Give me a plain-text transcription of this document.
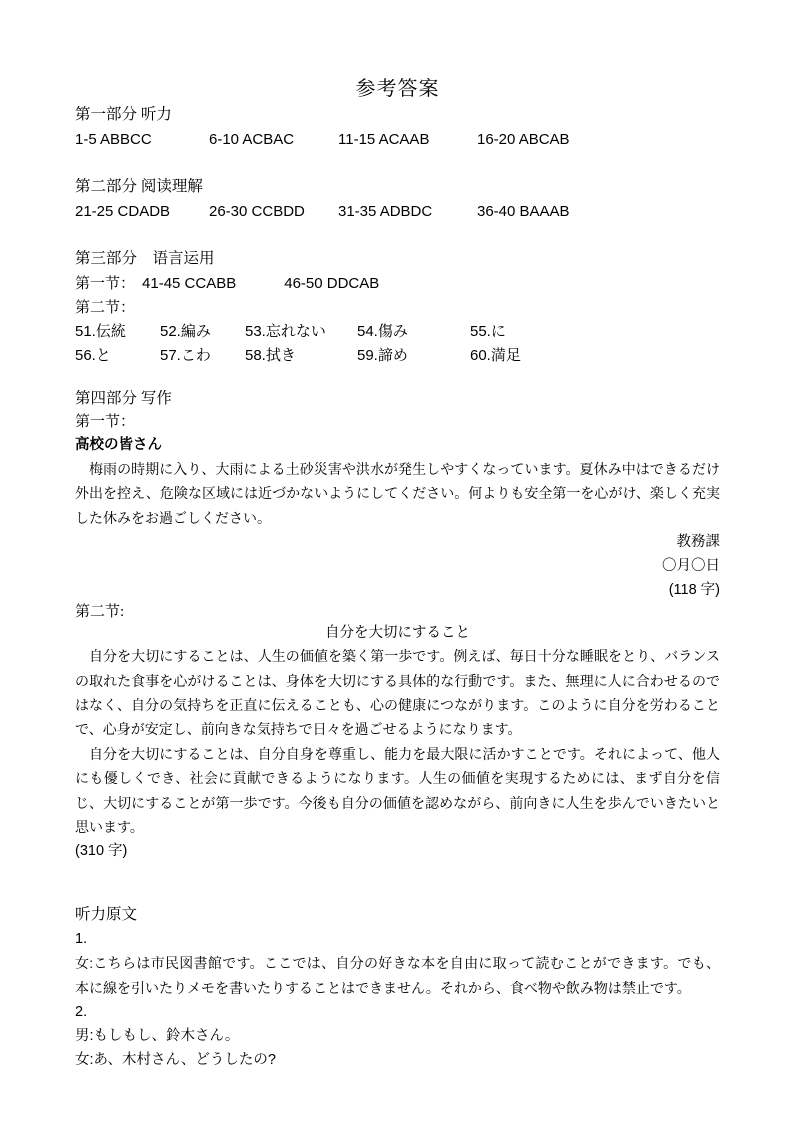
参考答案
第一部分 听力
1-5 ABBCC	6-10 ACBAC	11-15 ACAAB	16-20 ABCAB
第二部分 阅读理解
21-25 CDADB	26-30 CCBDD	31-35 ADBDC	36-40 BAAAB
第三部分　语言运用
第一节： 41-45 CCABB	46-50 DDCAB
第二节：
51.伝統	52.編み	53.忘れない	54.傷み	55.に
56.と	57.こわ	58.拭き	59.諦め	60.満足
第四部分 写作
第一节：
高校の皆さん
梅雨の時期に入り、大雨による土砂災害や洪水が発生しやすくなっています。夏休み中はできるだけ外出を控え、危険な区域には近づかないようにしてください。何よりも安全第一を心がけ、楽しく充実した休みをお過ごしください。
教務課
〇月〇日
(118 字)
第二节:
自分を大切にすること
自分を大切にすることは、人生の価値を築く第一歩です。例えば、毎日十分な睡眠をとり、バランスの取れた食事を心がけることは、身体を大切にする具体的な行動です。また、無理に人に合わせるのではなく、自分の気持ちを正直に伝えることも、心の健康につながります。このように自分を労わることで、心身が安定し、前向きな気持ちで日々を過ごせるようになります。
自分を大切にすることは、自分自身を尊重し、能力を最大限に活かすことです。それによって、他人にも優しくでき、社会に貢献できるようになります。人生の価値を実現するためには、まず自分を信じ、大切にすることが第一歩です。今後も自分の価値を認めながら、前向きに人生を歩んでいきたいと思います。
(310 字)
听力原文
1.
女:こちらは市民図書館です。ここでは、自分の好きな本を自由に取って読むことができます。でも、本に線を引いたりメモを書いたりすることはできません。それから、食べ物や飲み物は禁止です。
2.
男:もしもし、鈴木さん。
女:あ、木村さん、どうしたの?
